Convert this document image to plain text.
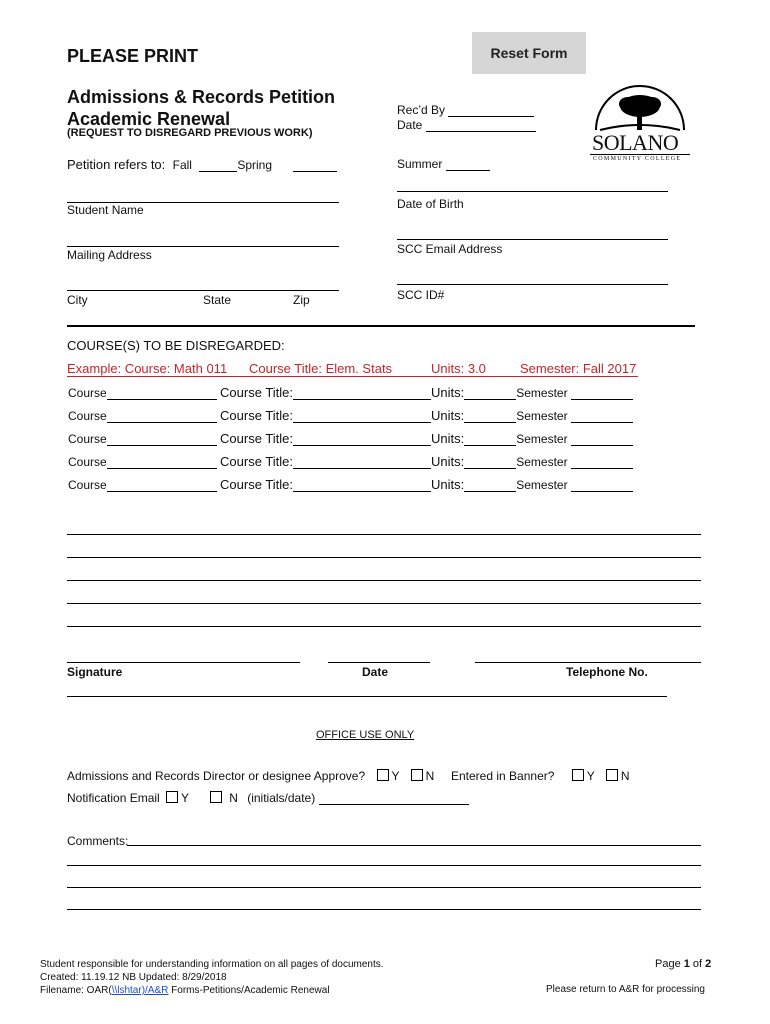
PLEASE PRINT	Reset Form
Admissions & Records Petition
Academic Renewal
(REQUEST TO DISREGARD PREVIOUS WORK)
Rec’d By
Date
SOLANO
COMMUNITY COLLEGE
Petition refers to: Fall	Spring	Summer
Student Name	Date of Birth
Mailing Address	SCC Email Address
City	State	Zip	SCC ID#
COURSE(S) TO BE DISREGARDED:
Example: Course: Math 011	Course Title: Elem. Stats	Units: 3.0	Semester: Fall 2017
Course	Course Title:	Units:	Semester
Course	Course Title:	Units:	Semester
Course	Course Title:	Units:	Semester
Course	Course Title:	Units:	Semester
Course	Course Title:	Units:	Semester
Signature	Date	Telephone No.
OFFICE USE ONLY
Admissions and Records Director or designee Approve? Y N Entered in Banner?	Y N
Notification Email Y	N (initials/date)
Comments:
Student responsible for understanding information on all pages of documents.
Created: 11.19.12 NB Updated: 8/29/2018
Filename: OAR(\\lshtar)/A&R Forms-Petitions/Academic Renewal
Page 1 of 2
Please return to A&R for processing
